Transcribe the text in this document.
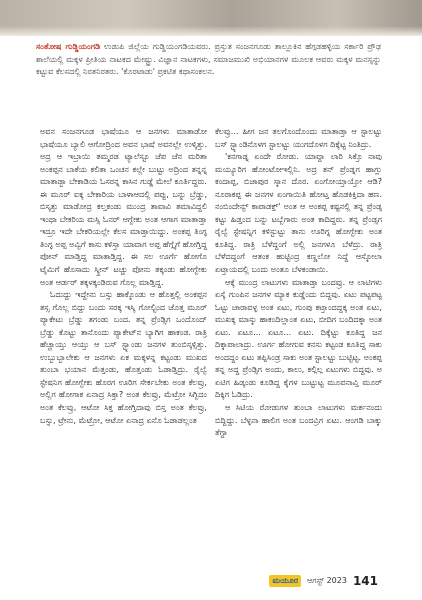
ಸಂತೋಷ ಗುಡ್ಡಿಯಂಗಡಿ ಉಡುಪಿ ಜಿಲ್ಲೆಯ ಗುಡ್ಡಿಯಂಗಡಿಯವರು. ಪ್ರಸ್ತುತ ಸಂಜನಗೂಡು ತಾಲ್ಲೂಕಿನ ಹೆಗ್ಗಡಹಳ್ಳಿಯ ಸರ್ಕಾರಿ ಪ್ರೌಢ ಶಾಲೆಯಲ್ಲಿ ಮಕ್ಕಳ ಪ್ರೀತಿಯ ನಾಟಕದ ಮೇಷ್ಟ್ರು. ವಿಜ್ಞಾನ ನಾಟಕಗಳು, ಸಮಾಜಮುಖಿ ಅಭಿಯಾನಗಳ ಮೂಲಕ ಆವರು ಮಕ್ಕಳ ಮನಸ್ಸನ್ನು ಕಟ್ಟುವ ಕೆಲಸದಲ್ಲಿ ನಿರತನಿರತರು. 'ಕೊರಟಾಡು' ಪ್ರಕಟಿತ ಕಥಾಸಂಕಲನ.

ಅವನ ಸಂಜನಗೂಡ ಭಾಷೆಯೂ ಆ ಜನಗಳು ಮಾತಾಡೋ ಭಾಷೆಯೂ ಬ್ಯಾಲಿ ಆಗೋದ್ರಿಂದ ಅವನ ಭಾಷೆ ಅವನಲ್ಲೇ ಉಳ್ಕಿತ್ತು. ಅದ್ರ ಆ ಇಬ್ರಾಯಿ ತಮ್ಮರಡ ಟ್ಯಾಲೆಸ್ಟೂ ಜೆಪ ಜೆನ ಮರಿತಾ ಅಂಕಪ್ಪನ ಬಾಕೆಯ ಕಲಿತಾ ಒಂಚನ ಕಲ್ಲೇ ಬುಟ್ಟು ಅದ್ರಿಂದ ತನ್ನನ್ನ ಮಾತಾಡ್ಬಾ ಬೇಕಾಡಿಯ ಓಸರನ್ನ ಕಾಸಿನ ಗುಡ್ಡೆ ಮೇಲೆ ಕೂರ್ತಿದ್ದರು. ಈ ಮೂರ್ ಐಕ್ಕ ಬೇಕಾರಿಯ ಬಾಳಾಆದಲ್ಲಿ ಪಪ್ಪು, ಬನ್ನು ಬ್ರೆಡ್ಡು, ಬಿಸ್ಕತ್ತು ಮಾಡೋದ್ರ ಕಲ್ತಕಂಡು ಮುಂದ್ರ ತಾವಾವಿ ತಮಾವಿದ್ದಲಿ ಇಂಥಾ ಬೇಕರಿಯ ಮಸ್ಸಿ ಓನರ್ ಆಗ್ಬೇಕು ಅಂತ ಆಗಾಗ ಮಾತಾಡ್ತಾ ಇದ್ರೂ ಇದೇ ಬೇಕರಿಯಲ್ಲೇ ಕೆಲಸ ಮಾಡ್ತಾಯಿದ್ದು. ಅಂಕಪ್ಪ ತಿಂಗ್ಳ ತಿಂಗ್ಳ ಅಪ್ಪ ಅವ್ವಿಗೆ ಕಾಸು ಕಳಿಸ್ತಾ ಯಾವಾಗ ಅಪ್ಪ ಹೆಗ್ಗೈಗೆ ಹೋಗ್ತಿದ್ದ ಪೋನ್ ಮಾಡ್ತಿದ್ದ ಮಾತಾಡ್ತಿದ್ದ. ಈ ಸಲ ಊರ್ಗೆ ಹೋಗೊ ಟೈಮಿಗೆ ಹೊಸಾದು ಸ್ಕ್ರೀನ್ ಟಚ್ಚು ಪೋನು ತಕ್ಕಂಡು ಹೋಗ್ಬೇಕು ಅಂತ ಆರ್ಡರ್ ತಕ್ಕಳಕ್ಕಂಡಿರುವ ಗೊಲ್ಲ ಮಾಡ್ತಿದ್ದ.

ಓದುದ್ದು ಇದ್ದೇನು ಬಸ್ಸು ಹಾಕ್ಕೊಂಡು ಆ ಹೊತ್ತಲ್ಲಿ ಅಂಕಪ್ಪನ ತಸ್ಸ ಗೊಲ್ಲ ಬಿದ್ದು ಬಂದು ಸರಕ್ಕ ಇಸ್ಕಿ ಗೋಲ್ಟಿಂದ ಜೊತ್ತ ಮೂರ್ ಪ್ಯಾಕೇಟು ಬ್ರೆಡ್ಡು ತಗಂಡು ಬಂದ. ತನ್ನ ಪ್ರೆಂಡ್ಸಿಗ ಒಂದೊಂದ್ ಬ್ರೆಡ್ಡು ಕೊಟ್ಟು ತಾನೊಂದು ಪ್ಯಾಕೇಟ್‌ನ ಬ್ಯಾಗಿಗ ಹಾಕಂಡ. ರಾತ್ರಿ ಹೆಚ್ಚಾಯ್ತು ಆಯ್ತು ಆ ಬಸ್ ಸ್ಟ್ಯಾಂಡು ಜನಗಳ ತುಂಬಿಸ್ಕಳ್ಸಿತ್ತು. ಉಬ್ಬುಬ್ಬಾಲೇಕು ಆ ಜನಗಳು ಏಕ ಮಕ್ಕಳನ್ನ ಕಟ್ಟಂಡು ಮುಖದ ತುಂಬಾ ಭಯಾನ ಮೆತ್ತಂಡು, ಹೊತ್ತಂಡು ಓಡಾಡ್ತಿದ್ರು. ರೈಲ್ವೆ ಸ್ಟೇಷನಿಗ ಹೋಗ್ಬೇಕು ಹೊರಗ ಊರಿಗ ಸೇರ್ಕಬೇಕು ಅಂತ ಕೆಲವ್ರು, ಅಲ್ಲಿಗ ಹೋಗಾಕ ಏನಾದ್ರ ಸಿಕ್ತಾ? ಅಂತ ಕೆಲವ್ರು, ಮೆಟ್ರೋ ಸಿಗ್ಬಿದಂ ಅಂತ ಕೆಲವ್ರು, ಆಟೋ ಸಿಕ್ತ ಹೋಗ್ತಿದಾವು ಬಿಸ್ತ ಅಂತ ಕೆಲವ್ರು, ಬಸ್ಸು, ಟ್ರೇನು, ಮೆಟ್ರೋ, ಆಟೋ ಏನಾದ್ರ ಏನೊ ಓಡಾಡಲ್ಲಂತ

ಕೆಲವ್ರು... ಹೀಗ ಜನ ತಲಗೊಂದೊಂದು ಮಾತಾಡ್ತಾ ಆ ಸ್ಟಾಲಟ್ಟು ಬಸ್ ಸ್ಟ್ಯಾಂಡಿನೊಳಗ ಸ್ಟಾಲಟ್ಟು ಯುಗದೊಳಗ ದಿಕ್ಕೆಟ್ಟ ನಿಂತಿದ್ರು.

'ಕನಗಾಡ್ನ ಏಂದೇ ರೋಡು. ಯಾವ್ದಾ ಲಾರಿ ಸಿಕ್ತೊ ನಾವು ಮಯ್ಯೂರಿಗ ಹೋಂಟೋಇಲ್ಲಿನಿ. ಅದ್ರ ತನ್ ಪ್ರೆಂಡ್ನಗ ಹಾಗ್ಲು ಕಂದಾಪ್ಪ, ಬಿಜಾಪುರ ಸ್ಕಾನ ದೊರ. ಏಂಗೋಯ್ತಾಯ್ತೋ ಆಡಿ? ನೂರಾಕಪ್ಪ ಈ ಜನಗಳ ಏಂಗಾಯಿತಿ ಹೋಟ್ತ ಹೊಡಕಿಕ್ತಿದಾ ಹಣ. ನಂಬಿಂದೇನ್ವ್ ಕಾಪಾಡಕ್ತ್' ಅಂತ ಆ ಅಂಕಪ್ಪ ಕಷ್ಟನಲ್ಲಿ ತನ್ನ ಪ್ರೆಂಡ್ಸ ಕಟ್ಟು ಹಿಡ್ತಂದ ಬನ್ನು ಟಬ್ಬೆಗಾರು ಅಂತ ಕಾದಿದ್ದರು. ತನ್ನ ಪ್ರೆಂಡ್ಸಗ ರೈಲ್ವೆ ಸ್ಟೇಷನ್ನಿಗ ಕಳಿಸ್ಟುಟ್ಟು ತಾನು ಊರಿಗ್ನ ಹೋಗ್ಬೇಕು ಅಂತ ಕೂತಿದ್ದ. ರಾತ್ರಿ ಬೆಳೆದ್ದಂಗೆ ಅಲ್ಲಿ ಜನಗಳೂ ಬೆಳೆದ್ರು. ರಾತ್ರಿ ಬೆಳೆದದ್ದಂಗೆ ಆತಂಕ ಹುಟ್ಟಿಂದ್ರ ಕಣ್ಣಲೋ ನಿದ್ದೆ ಆಸ್ಕೋಲಾ ಏಟ್ತಾಯದಲ್ಲಿ ಬಂದು ಅಂತೂ ಬೆಳಕಂಡಾಯಿ.

ಆಕ್ಕೆ ಮುಂದ್ರ ಲಾಟುಗಳು ಮಾತಾಡ್ತಾ ಬಂದವ್ರು. ಆ ಲಾಟಿಗಳು ಏಸ್ಕೆ ಗುಂಪಿನ ಜನಗಳ ಮ್ಯಾಕ ಕುಡ್ಡೆಂದು ಬಿದ್ದವು. ಏಟು ಪಟ್ಟಪಟ್ಟ ಓಟ್ಟು ಜಾರಾವಳ್ಳ ಅಂತ ಏಟು, ಗುಂಪು ಕಟ್ತಾಂದದ್ದಕ್ಕ ಅಂತ ಏಟು, ಮುಖಕ್ಕ ಮಾಸ್ಕು ಹಾಕಂದಿಲ್ಲಾಂತ ಏಟು, ಬೀದಿಗ ಬಂದಿದಕ್ಕಾ ಅಂತ ಏಟು. ಏಟೂ... ಏಟೂ... ಏಟು. ದಿಕ್ಕೆಟ್ಟು ಕೂತಿದ್ದ ಜನ ದಿಕ್ಕಾಪಾಲಾದ್ರು. ಊರ್ಗ ಹೋಗುವ ಕನಸು ಕಟ್ಟಂಡ ಕೂತಿದ್ದ ಸಾಕು ಅಂದದ್ದಂ ಏಟು ತಪ್ಪಿಸಿಂಡ್ರ ಸಾಕು ಅಂತ ಸ್ಟಾಲಟ್ಟು ಬುಟ್ಟಿಟ್ಟ. ಅಂಕಪ್ಪ ತನ್ನ ಅದ್ದ ಪ್ರೆಂಡ್ಸಿಗ ಅಂದು, ಕಾಲು, ಕಲ್ಗಿಲ್ಗ ಏಟುಗಳು ಬಿದ್ದವು. ಅ ಏಟಿಗ ಹಿಡ್ಕಂಡು ಕೂಡಿದ್ದ ಕೈಗಳ ಬುಟ್ಟುಟ್ಟ ಮೂವನಾವ್ತಿ ಮೂರ್ ದಿಕ್ಕಿಗ ಓಡಿದ್ರು.

ಆ ಸಿಟಿಯ ರೋಡುಗಳ ತುಂಬಾ ಲಾಟುಗಳು ಮರ್ಕನಂದು ಬಿದ್ದಿದ್ದು. ಬೆಳ್ಳನಾ ಹಾಲಿಗ ಅಂತ ಬಂದವ್ರಿಗ ಏಟು. ಆಂಗಡಿ ಬಾಕ್ಕು ತೆಗ್ದಾ

ಮಯೂರ	ಆಗಸ್ಟ್ 2023 141
